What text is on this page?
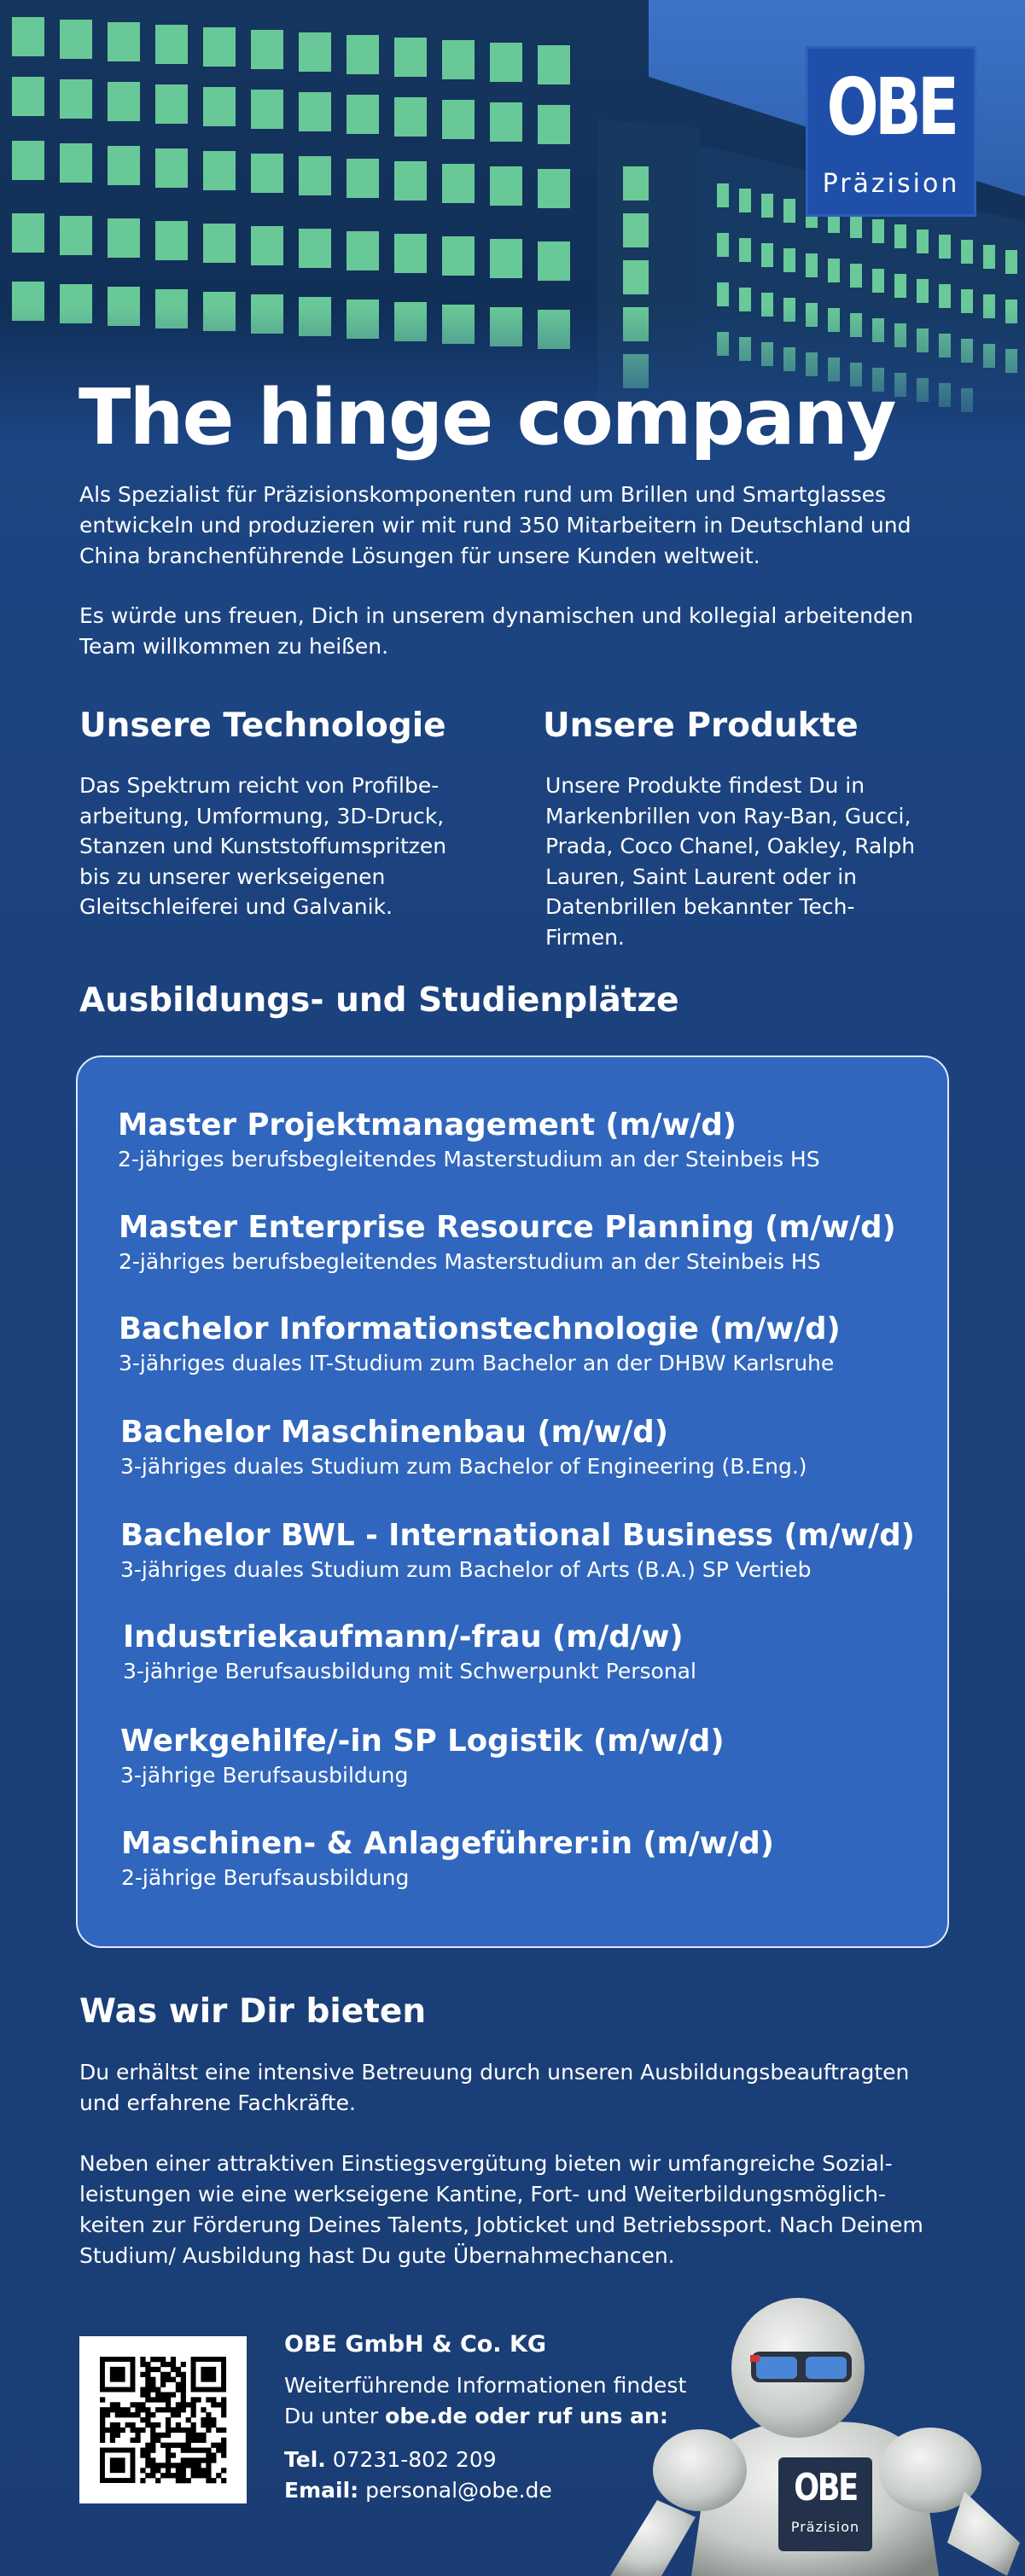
OBE
Präzision
The hinge company
Als Spezialist für Präzisionskomponenten rund um Brillen und Smartglasses entwickeln und produzieren wir mit rund 350 Mitarbeitern in Deutschland und China branchenführende Lösungen für unsere Kunden weltweit.
Es würde uns freuen, Dich in unserem dynamischen und kollegial arbeitenden Team willkommen zu heißen.
Unsere Technologie
Das Spektrum reicht von Profilbe-
arbeitung, Umformung, 3D-Druck,
Stanzen und Kunststoffumspritzen
bis zu unserer werkseigenen
Gleitschleiferei und Galvanik.
Unsere Produkte
Unsere Produkte findest Du in
Markenbrillen von Ray-Ban, Gucci,
Prada, Coco Chanel, Oakley, Ralph
Lauren, Saint Laurent oder in
Datenbrillen bekannter Tech-
Firmen.
Ausbildungs- und Studienplätze
Master Projektmanagement (m/w/d)
2-jähriges berufsbegleitendes Masterstudium an der Steinbeis HS
Master Enterprise Resource Planning (m/w/d)
2-jähriges berufsbegleitendes Masterstudium an der Steinbeis HS
Bachelor Informationstechnologie (m/w/d)
3-jähriges duales IT-Studium zum Bachelor an der DHBW Karlsruhe
Bachelor Maschinenbau (m/w/d)
3-jähriges duales Studium zum Bachelor of Engineering (B.Eng.)
Bachelor BWL - International Business (m/w/d)
3-jähriges duales Studium zum Bachelor of Arts (B.A.) SP Vertieb
Industriekaufmann/-frau (m/d/w)
3-jährige Berufsausbildung mit Schwerpunkt Personal
Werkgehilfe/-in SP Logistik (m/w/d)
3-jährige Berufsausbildung
Maschinen- & Anlageführer:in (m/w/d)
2-jährige Berufsausbildung
Was wir Dir bieten
Du erhältst eine intensive Betreuung durch unseren Ausbildungsbeauftragten und erfahrene Fachkräfte.
Neben einer attraktiven Einstiegsvergütung bieten wir umfangreiche Sozial-leistungen wie eine werkseigene Kantine, Fort- und Weiterbildungsmöglich-keiten zur Förderung Deines Talents, Jobticket und Betriebssport. Nach Deinem Studium/ Ausbildung hast Du gute Übernahmechancen.
OBE GmbH & Co. KG
Weiterführende Informationen findest
Du unter obe.de oder ruf uns an:
Tel. 07231-802 209
Email: personal@obe.de	OBE
Präzision
